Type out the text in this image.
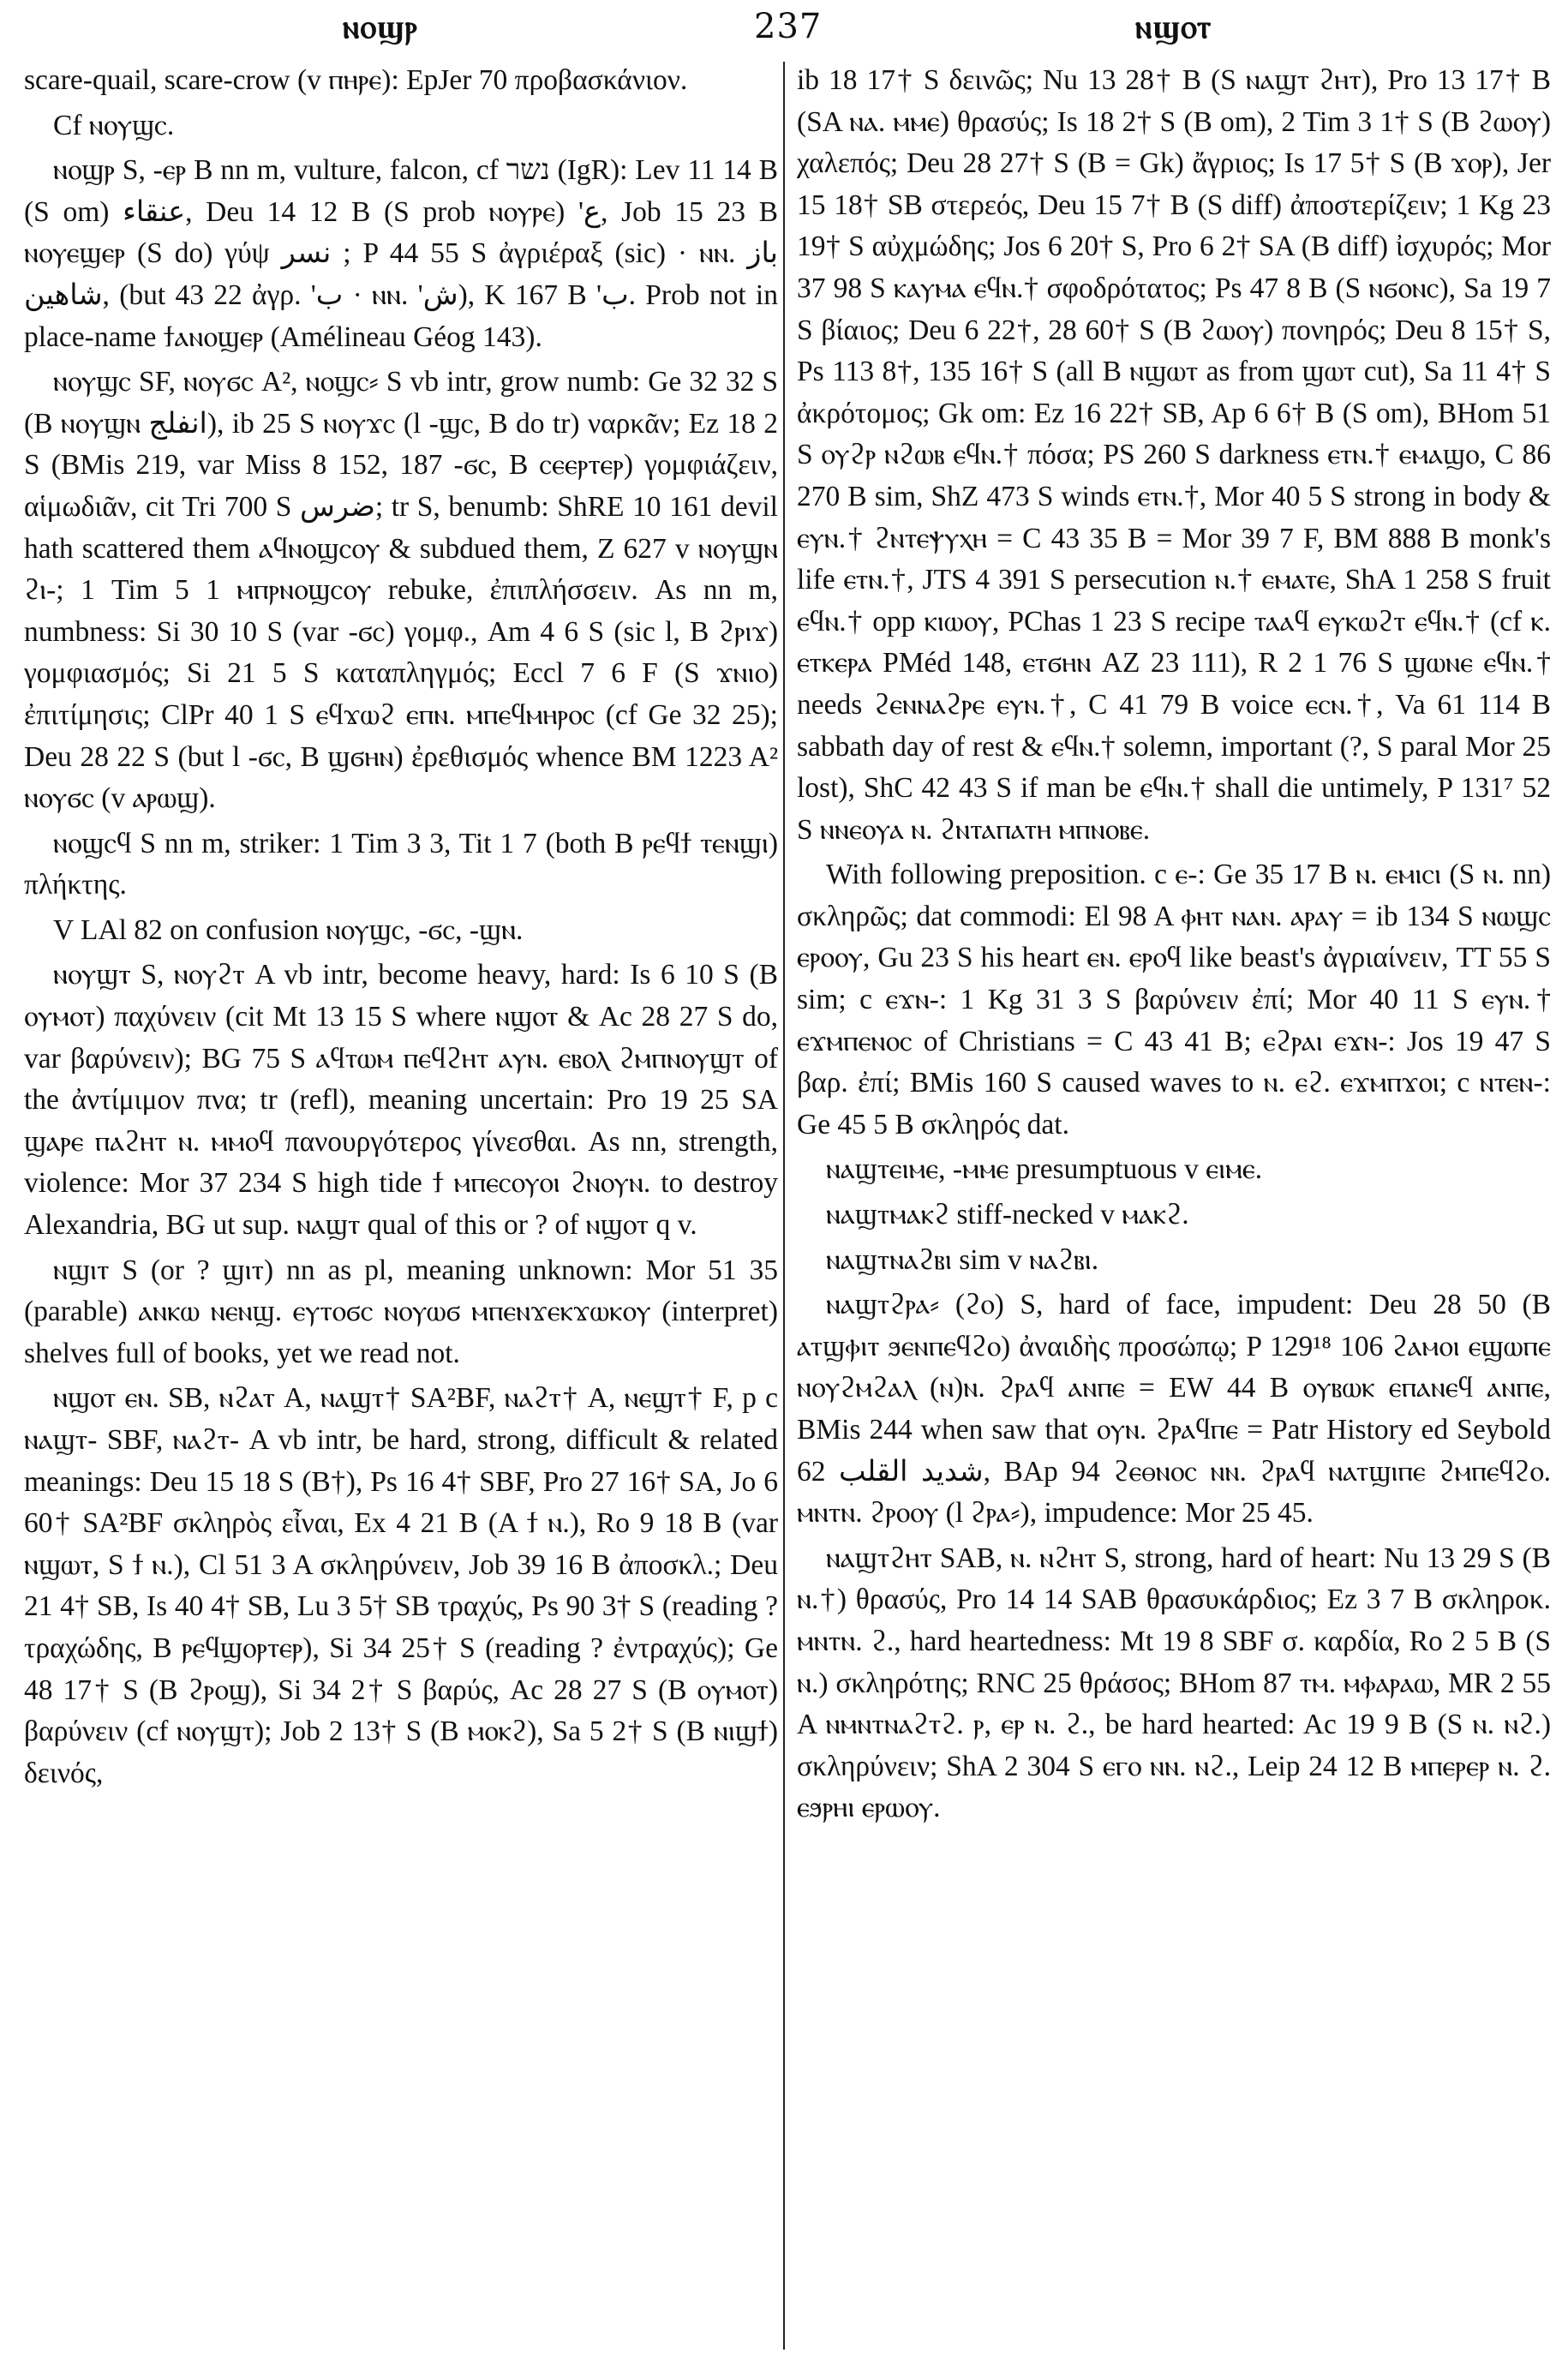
ⲛⲟϣⲣ	237	ⲛϣⲟⲧ

scare-quail, scare-crow (v ⲡⲏⲣⲉ): EpJer 70 προβασκάνιον.

Cf ⲛⲟⲩϣⲥ.

ⲛⲟϣⲣ S, -ⲉⲣ B nn m, vulture, falcon, cf נשר (IgR): Lev 11 14 B (S om) عنقاء, Deu 14 12 B (S prob ⲛⲟⲩⲣⲉ) 'ع, Job 15 23 B ⲛⲟⲩⲉϣⲉⲣ (S do) γύψ نسر ; P 44 55 S ἀγριέραξ (sic) · ⲛⲛ. باز ,شاهين (but 43 22 ἀγρ. 'ب · ⲛⲛ. 'ش), K 167 B 'ب. Prob not in place-name ϯⲁⲛⲟϣⲉⲣ (Amélineau Géog 143).

ⲛⲟⲩϣⲥ SF, ⲛⲟⲩϭⲥ A², ⲛⲟϣⲥ⸗ S vb intr, grow numb: Ge 32 32 S (B ⲛⲟⲩϣⲛ انفلج), ib 25 S ⲛⲟⲩϫⲥ (l -ϣⲥ, B do tr) ναρκᾶν; Ez 18 2 S (BMis 219, var Miss 8 152, 187 -ϭⲥ, B ⲥⲉⲉⲣⲧⲉⲣ) γομφιάζειν, αἱμωδιᾶν, cit Tri 700 S ضرس; tr S, benumb: ShRE 10 161 devil hath scattered them ⲁϥⲛⲟϣⲥⲟⲩ & subdued them, Z 627 v ⲛⲟⲩϣⲛ ϩⲓ-; 1 Tim 5 1 ⲙⲡⲣⲛⲟϣⲥⲟⲩ rebuke, ἐπιπλήσσειν. As nn m, numbness: Si 30 10 S (var -ϭⲥ) γομφ., Am 4 6 S (sic l, B ϩⲣⲓϫ) γομφιασμός; Si 21 5 S καταπληγμός; Eccl 7 6 F (S ϫⲛⲓⲟ) ἐπιτίμησις; ClPr 40 1 S ⲉϥϫⲱϩ ⲉⲡⲛ. ⲙⲡⲉϥⲙⲏⲣⲟⲥ (cf Ge 32 25); Deu 28 22 S (but l -ϭⲥ, B ϣϭⲏⲛ) ἐρεθισμός whence BM 1223 A² ⲛⲟⲩϭⲥ (v ⲁⲣⲱϣ).

ⲛⲟϣⲥϥ S nn m, striker: 1 Tim 3 3, Tit 1 7 (both B ⲣⲉϥϯ ⲧⲉⲛϣⲓ) πλήκτης.

V LAl 82 on confusion ⲛⲟⲩϣⲥ, -ϭⲥ, -ϣⲛ.

ⲛⲟⲩϣⲧ S, ⲛⲟⲩϩⲧ A vb intr, become heavy, hard: Is 6 10 S (B ⲟⲩⲙⲟⲧ) παχύνειν (cit Mt 13 15 S where ⲛϣⲟⲧ & Ac 28 27 S do, var βαρύνειν); BG 75 S ⲁϥⲧⲱⲙ ⲡⲉϥϩⲏⲧ ⲁⲩⲛ. ⲉⲃⲟⲗ ϩⲙⲡⲛⲟⲩϣⲧ of the ἀντίμιμον πνα; tr (refl), meaning uncertain: Pro 19 25 SA ϣⲁⲣⲉ ⲡⲁϩⲏⲧ ⲛ. ⲙⲙⲟϥ πανουργότερος γίνεσθαι. As nn, strength, violence: Mor 37 234 S high tide ϯ ⲙⲡⲉⲥⲟⲩⲟⲓ ϩⲛⲟⲩⲛ. to destroy Alexandria, BG ut sup. ⲛⲁϣⲧ qual of this or ? of ⲛϣⲟⲧ q v.

ⲛϣⲓⲧ S (or ? ϣⲓⲧ) nn as pl, meaning unknown: Mor 51 35 (parable) ⲁⲛⲕⲱ ⲛⲉⲛϣ. ⲉⲩⲧⲟϭⲥ ⲛⲟⲩⲱϭ ⲙⲡⲉⲛϫⲉⲕϫⲱⲕⲟⲩ (interpret) shelves full of books, yet we read not.

ⲛϣⲟⲧ ⲉⲛ. SB, ⲛϩⲁⲧ A, ⲛⲁϣⲧ† SA²BF, ⲛⲁϩⲧ† A, ⲛⲉϣⲧ† F, p c ⲛⲁϣⲧ- SBF, ⲛⲁϩⲧ- A vb intr, be hard, strong, difficult & related meanings: Deu 15 18 S (B†), Ps 16 4† SBF, Pro 27 16† SA, Jo 6 60† SA²BF σκληρὸς εἶναι, Ex 4 21 B (A ϯ ⲛ.), Ro 9 18 B (var ⲛϣⲱⲧ, S ϯ ⲛ.), Cl 51 3 A σκληρύνειν, Job 39 16 B ἀποσκλ.; Deu 21 4† SB, Is 40 4† SB, Lu 3 5† SB τραχύς, Ps 90 3† S (reading ? τραχώδης, B ⲣⲉϥϣⲟⲣⲧⲉⲣ), Si 34 25† S (reading ? ἐντραχύς); Ge 48 17† S (B ϩⲣⲟϣ), Si 34 2† S βαρύς, Ac 28 27 S (B ⲟⲩⲙⲟⲧ) βαρύνειν (cf ⲛⲟⲩϣⲧ); Job 2 13† S (B ⲙⲟⲕϩ), Sa 5 2† S (B ⲛⲓϣϯ) δεινός,

ib 18 17† S δεινῶς; Nu 13 28† B (S ⲛⲁϣⲧ ϩⲏⲧ), Pro 13 17† B (SA ⲛⲁ. ⲙⲙⲉ) θρασύς; Is 18 2† S (B om), 2 Tim 3 1† S (B ϩⲱⲟⲩ) χαλεπός; Deu 28 27† S (B = Gk) ἄγριος; Is 17 5† S (B ϫⲟⲣ), Jer 15 18† SB στερεός, Deu 15 7† B (S diff) ἀποστερίζειν; 1 Kg 23 19† S αὐχμώδης; Jos 6 20† S, Pro 6 2† SA (B diff) ἰσχυρός; Mor 37 98 S ⲕⲁⲩⲙⲁ ⲉϥⲛ.† σφοδρότατος; Ps 47 8 B (S ⲛϭⲟⲛⲥ), Sa 19 7 S βίαιος; Deu 6 22†, 28 60† S (B ϩⲱⲟⲩ) πονηρός; Deu 8 15† S, Ps 113 8†, 135 16† S (all B ⲛϣⲱⲧ as from ϣⲱⲧ cut), Sa 11 4† S ἀκρότομος; Gk om: Ez 16 22† SB, Ap 6 6† B (S om), BHom 51 S ⲟⲩϩⲣ ⲛϩⲱⲃ ⲉϥⲛ.† πόσα; PS 260 S darkness ⲉⲧⲛ.† ⲉⲙⲁϣⲟ, C 86 270 B sim, ShZ 473 S winds ⲉⲧⲛ.†, Mor 40 5 S strong in body & ⲉⲩⲛ.† ϩⲛⲧⲉⲯⲩⲭⲏ = C 43 35 B = Mor 39 7 F, BM 888 B monk's life ⲉⲧⲛ.†, JTS 4 391 S persecution ⲛ.† ⲉⲙⲁⲧⲉ, ShA 1 258 S fruit ⲉϥⲛ.† opp ⲕⲓⲱⲟⲩ, PChas 1 23 S recipe ⲧⲁⲁϥ ⲉⲩⲕⲱϩⲧ ⲉϥⲛ.† (cf ⲕ. ⲉⲧⲕⲉⲣⲁ PMéd 148, ⲉⲧϭⲏⲛ AZ 23 111), R 2 1 76 S ϣⲱⲛⲉ ⲉϥⲛ.† needs ϩⲉⲛⲛⲁϩⲣⲉ ⲉⲩⲛ.†, C 41 79 B voice ⲉⲥⲛ.†, Va 61 114 B sabbath day of rest & ⲉϥⲛ.† solemn, important (?, S paral Mor 25 lost), ShC 42 43 S if man be ⲉϥⲛ.† shall die untimely, P 131⁷ 52 S ⲛⲛⲉⲟⲩⲁ ⲛ. ϩⲛⲧⲁⲡⲁⲧⲏ ⲙⲡⲛⲟⲃⲉ.

With following preposition. c ⲉ-: Ge 35 17 B ⲛ. ⲉⲙⲓⲥⲓ (S ⲛ. nn) σκληρῶς; dat commodi: El 98 A ⲫⲏⲧ ⲛⲁⲛ. ⲁⲣⲁⲩ = ib 134 S ⲛⲱϣⲥ ⲉⲣⲟⲟⲩ, Gu 23 S his heart ⲉⲛ. ⲉⲣⲟϥ like beast's ἀγριαίνειν, TT 55 S sim; c ⲉϫⲛ-: 1 Kg 31 3 S βαρύνειν ἐπί; Mor 40 11 S ⲉⲩⲛ.† ⲉϫⲙⲡⲉⲛⲟⲥ of Christians = C 43 41 B; ⲉϩⲣⲁⲓ ⲉϫⲛ-: Jos 19 47 S βαρ. ἐπί; BMis 160 S caused waves to ⲛ. ⲉϩ. ⲉϫⲙⲡϫⲟⲓ; c ⲛⲧⲉⲛ-: Ge 45 5 B σκληρός dat.

ⲛⲁϣⲧⲉⲓⲙⲉ, -ⲙⲙⲉ presumptuous v ⲉⲓⲙⲉ.

ⲛⲁϣⲧⲙⲁⲕϩ stiff-necked v ⲙⲁⲕϩ.

ⲛⲁϣⲧⲛⲁϩⲃⲓ sim v ⲛⲁϩⲃⲓ.

ⲛⲁϣⲧϩⲣⲁ⸗ (ϩⲟ) S, hard of face, impudent: Deu 28 50 (B ⲁⲧϣⲫⲓⲧ ϧⲉⲛⲡⲉϥϩⲟ) ἀναιδὴς προσώπῳ; P 129¹⁸ 106 ϩⲁⲙⲟⲓ ⲉϣⲱⲡⲉ ⲛⲟⲩϩⲙϩⲁⲗ (ⲛ)ⲛ. ϩⲣⲁϥ ⲁⲛⲡⲉ = EW 44 B ⲟⲩⲃⲱⲕ ⲉⲡⲁⲛⲉϥ ⲁⲛⲡⲉ, BMis 244 when saw that ⲟⲩⲛ. ϩⲣⲁϥⲡⲉ = Patr History ed Seybold 62 شديد القلب, BAp 94 ϩⲉⲑⲛⲟⲥ ⲛⲛ. ϩⲣⲁϥ ⲛⲁⲧϣⲓⲡⲉ ϩⲙⲡⲉϥϩⲟ. ⲙⲛⲧⲛ. ϩⲣⲟⲟⲩ (l ϩⲣⲁ⸗), impudence: Mor 25 45.

ⲛⲁϣⲧϩⲏⲧ SAB, ⲛ. ⲛϩⲏⲧ S, strong, hard of heart: Nu 13 29 S (B ⲛ.†) θρασύς, Pro 14 14 SAB θρασυκάρδιος; Ez 3 7 B σκληροκ. ⲙⲛⲧⲛ. ϩ., hard heartedness: Mt 19 8 SBF σ. καρδία, Ro 2 5 B (S ⲛ.) σκληρότης; RNC 25 θράσος; BHom 87 ⲧⲙ. ⲙⲫⲁⲣⲁⲱ, MR 2 55 A ⲛⲙⲛⲧⲛⲁϩⲧϩ. ⲣ, ⲉⲣ ⲛ. ϩ., be hard hearted: Ac 19 9 B (S ⲛ. ⲛϩ.) σκληρύνειν; ShA 2 304 S ⲉⲅⲟ ⲛⲛ. ⲛϩ., Leip 24 12 B ⲙⲡⲉⲣⲉⲣ ⲛ. ϩ. ⲉϧⲣⲏⲓ ⲉⲣⲱⲟⲩ.
